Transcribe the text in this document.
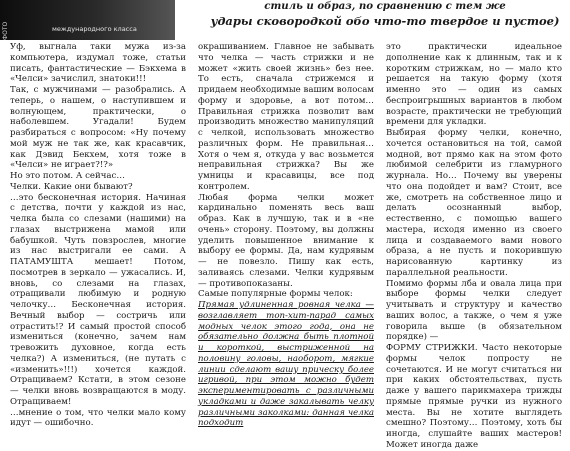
ФОТО	международного класса
стиль и образ, по сравнению с тем же
удары сковородкой обо что-то твердое и пустое)

Уф, выгнала таки мужа из-за компьютера, издумал тоже, статьи писать, фантастические — Бэкхема в «Челси» зачислил, знатоки!!!

Так, с мужчинами — разобрались. А теперь, о нашем, о наступившем и волнующем, практически, о наболевшем. Угадали! Будем разбираться с вопросом: «Ну почему мой муж не так же, как красавчик, как Дэвид Бекхем, хотя тоже в «Челси» не играет?!?»

Но это потом. А сейчас…

Челки. Какие они бывают?

…это бесконечная история. Начиная с детства, почти у каждой из нас, челка была со слезами (нашими) на глазах выстрижена мамой или бабушкой. Чуть повзрослев, многие из нас выстригали ее сами. А ПАТАМУШТА мешает! Потом, посмотрев в зеркало — ужасались. И, вновь, со слезами на глазах, отращивали любимую и родную челочку… Бесконечная история. Вечный выбор — состричь или отрастить!? И самый простой способ измениться (конечно, зачем нам тревожить духовное, когда есть челка?) А измениться, (не путать с «изменить»!!!) хочется каждой. Отращиваем? Кстати, в этом сезоне — челки вновь возвращаются в моду. Отращиваем!

…мнение о том, что челки мало кому идут — ошибочно.

окрашиванием. Главное не забывать что челка — часть стрижки и не может «жить своей жизнь» без нее. То есть, сначала стрижемся и придаем необходимые вашим волосам форму и здоровье, а вот потом… Правильная стрижка позволит вам производить множество манипуляций с челкой, использовать множество различных форм. Не правильная… Хотя о чем я, откуда у вас возьмется неправильная стрижка? Вы же умницы и красавицы, все под контролем.

Любая форма челки может кардинально поменять весь ваш образ. Как в лучшую, так и в «не очень» сторону. Поэтому, вы должны уделить повышенное внимание к выбору ее формы. Да, нам кудрявым — не повезло. Пишу как есть, заливаясь слезами. Челки кудрявым — противопоказаны.

Самые популярные формы челок:

Прямая удлиненная ровная челка — возглавляет топ-хит-парад самых модных челок этого года, она не обязательно должна быть плотной и короткой, выстриженной на половину головы, наоборот, мягкие линии сделают вашу прическу более игривой, при этом можно будет экспериментировать с различными укладками и даже закалывать челку различными заколками: данная челка подходит

это практически идеальное дополнение как к длинным, так и к коротким стрижкам, но — мало кто решается на такую форму (хотя именно это — один из самых беспроигрышных вариантов в любом возрасте, практически не требующий времени для укладки.

Выбирая форму челки, конечно, хочется остановиться на той, самой модной, вот прямо как на этом фото любимой селебрити из гламурного журнала. Но… Почему вы уверены что она подойдет и вам? Стоит, все же, смотреть на собственное лицо и делать осознанный выбор, естественно, с помощью вашего мастера, исходя именно из своего лица и создаваемого вами нового образа, а не пусть и покорившую нарисованную картинку из параллельной реальности.

Помимо формы лба и овала лица при выборе формы челки следует учитывать и структуру и качество ваших волос, а также, о чем я уже говорила выше (в обязательном порядке) —

ФОРМУ СТРИЖКИ. Часто некоторые формы челок попросту не сочетаются. И не могут считаться ни при каких обстоятельствах, пусть даже у вашего парикмахера трижды прямые прямые ручки из нужного места. Вы не хотите выглядеть смешно? Поэтому… Поэтому, хоть бы иногда, слушайте ваших мастеров! Может иногда даже
